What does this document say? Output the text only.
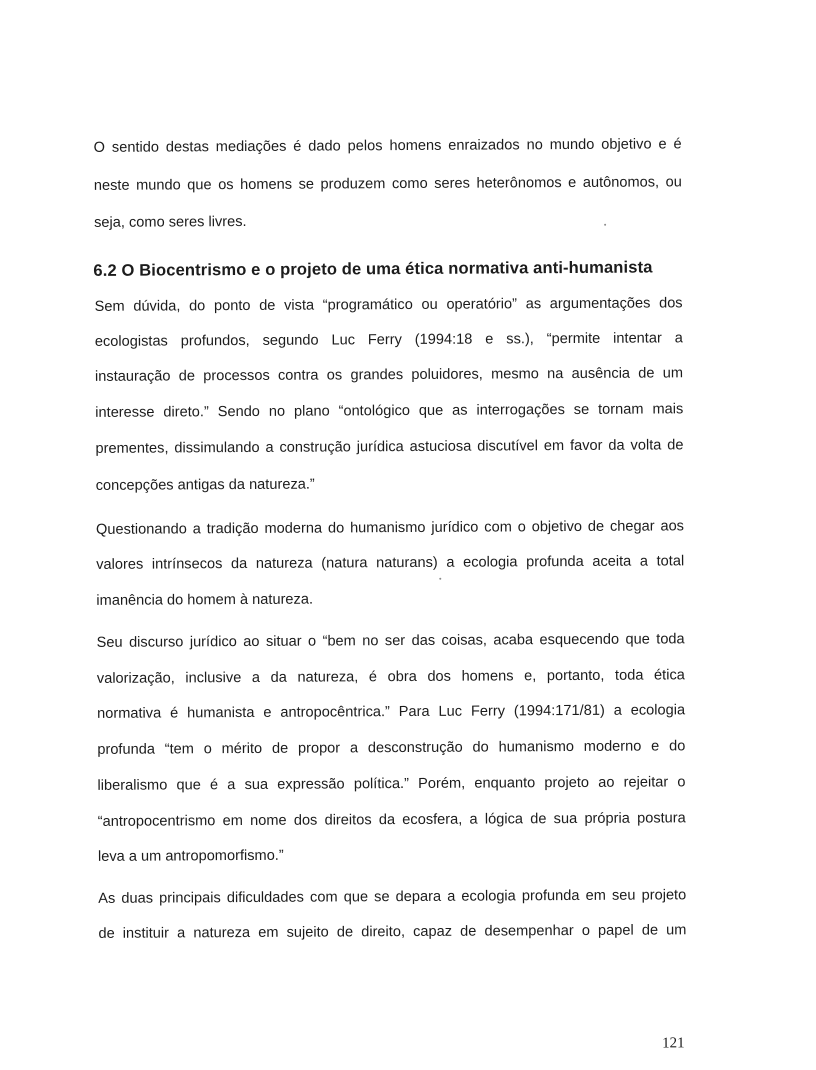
O sentido destas mediações é dado pelos homens enraizados no mundo objetivo e é
neste mundo que os homens se produzem como seres heterônomos e autônomos, ou
seja, como seres livres.
6.2 O Biocentrismo e o projeto de uma ética normativa anti-humanista
Sem dúvida, do ponto de vista “programático ou operatório” as argumentações dos
ecologistas profundos, segundo Luc Ferry (1994:18 e ss.), “permite intentar a
instauração de processos contra os grandes poluidores, mesmo na ausência de um
interesse direto.” Sendo no plano “ontológico que as interrogações se tornam mais
prementes, dissimulando a construção jurídica astuciosa discutível em favor da volta de
concepções antigas da natureza.”
Questionando a tradição moderna do humanismo jurídico com o objetivo de chegar aos
valores intrínsecos da natureza (natura naturans) a ecologia profunda aceita a total
imanência do homem à natureza.
Seu discurso jurídico ao situar o “bem no ser das coisas, acaba esquecendo que toda
valorização, inclusive a da natureza, é obra dos homens e, portanto, toda ética
normativa é humanista e antropocêntrica.” Para Luc Ferry (1994:171/81) a ecologia
profunda “tem o mérito de propor a desconstrução do humanismo moderno e do
liberalismo que é a sua expressão política.” Porém, enquanto projeto ao rejeitar o
“antropocentrismo em nome dos direitos da ecosfera, a lógica de sua própria postura
leva a um antropomorfismo.”
As duas principais dificuldades com que se depara a ecologia profunda em seu projeto
de instituir a natureza em sujeito de direito, capaz de desempenhar o papel de um
121
